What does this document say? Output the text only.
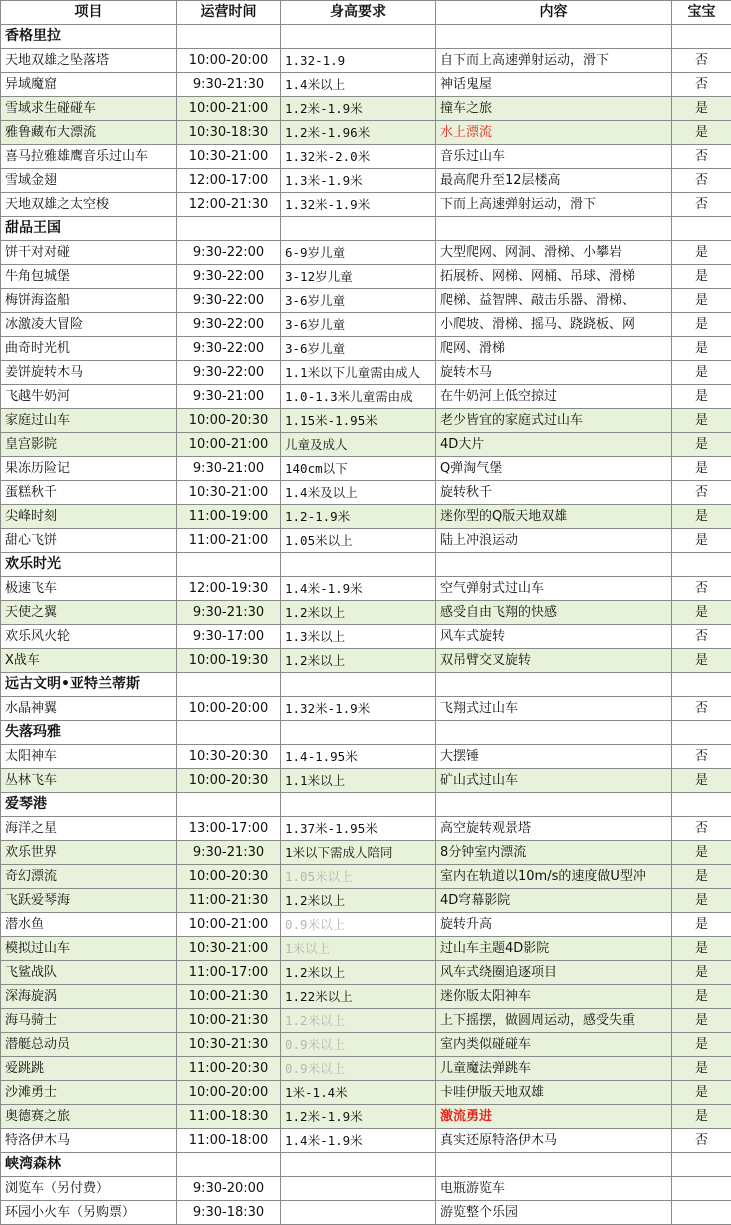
项目	运营时间	身高要求	内容	宝宝
香格里拉				
天地双雄之坠落塔	10:00-20:00	1.32-1.9	自下而上高速弹射运动，滑下	否
异域魔窟	9:30-21:30	1.4米以上	神话鬼屋	否
雪域求生碰碰车	10:00-21:00	1.2米-1.9米	撞车之旅	是
雅鲁藏布大漂流	10:30-18:30	1.2米-1.96米	水上漂流	是
喜马拉雅雄鹰音乐过山车	10:30-21:00	1.32米-2.0米	音乐过山车	否
雪域金翅	12:00-17:00	1.3米-1.9米	最高爬升至12层楼高	否
天地双雄之太空梭	12:00-21:30	1.32米-1.9米	下而上高速弹射运动，滑下	否
甜品王国				
饼干对对碰	9:30-22:00	6-9岁儿童	大型爬网、网洞、滑梯、小攀岩	是
牛角包城堡	9:30-22:00	3-12岁儿童	拓展桥、网梯、网桶、吊球、滑梯	是
梅饼海盗船	9:30-22:00	3-6岁儿童	爬梯、益智牌、敲击乐器、滑梯、	是
冰激凌大冒险	9:30-22:00	3-6岁儿童	小爬坡、滑梯、摇马、跷跷板、网	是
曲奇时光机	9:30-22:00	3-6岁儿童	爬网、滑梯	是
姜饼旋转木马	9:30-22:00	1.1米以下儿童需由成人	旋转木马	是
飞越牛奶河	9:30-21:00	1.0-1.3米儿童需由成	在牛奶河上低空掠过	是
家庭过山车	10:00-20:30	1.15米-1.95米	老少皆宜的家庭式过山车	是
皇宫影院	10:00-21:00	儿童及成人	4D大片	是
果冻历险记	9:30-21:00	140cm以下	Q弹淘气堡	是
蛋糕秋千	10:30-21:00	1.4米及以上	旋转秋千	否
尖峰时刻	11:00-19:00	1.2-1.9米	迷你型的Q版天地双雄	是
甜心飞饼	11:00-21:00	1.05米以上	陆上冲浪运动	是
欢乐时光				
极速飞车	12:00-19:30	1.4米-1.9米	空气弹射式过山车	否
天使之翼	9:30-21:30	1.2米以上	感受自由飞翔的快感	是
欢乐风火轮	9:30-17:00	1.3米以上	风车式旋转	否
X战车	10:00-19:30	1.2米以上	双吊臂交叉旋转	是
远古文明•亚特兰蒂斯				
水晶神翼	10:00-20:00	1.32米-1.9米	飞翔式过山车	否
失落玛雅				
太阳神车	10:30-20:30	1.4-1.95米	大摆锤	否
丛林飞车	10:00-20:30	1.1米以上	矿山式过山车	是
爱琴港				
海洋之星	13:00-17:00	1.37米-1.95米	高空旋转观景塔	否
欢乐世界	9:30-21:30	1米以下需成人陪同	8分钟室内漂流	是
奇幻漂流	10:00-20:30	1.05米以上	室内在轨道以10m/s的速度做U型冲	是
飞跃爱琴海	11:00-21:30	1.2米以上	4D穹幕影院	是
潜水鱼	10:00-21:00	0.9米以上	旋转升高	是
模拟过山车	10:30-21:00	1米以上	过山车主题4D影院	是
飞鲨战队	11:00-17:00	1.2米以上	风车式绕圈追逐项目	是
深海旋涡	10:00-21:30	1.22米以上	迷你版太阳神车	是
海马骑士	10:00-21:30	1.2米以上	上下摇摆，做圆周运动，感受失重	是
潜艇总动员	10:30-21:30	0.9米以上	室内类似碰碰车	是
爱跳跳	11:00-20:30	0.9米以上	儿童魔法弹跳车	是
沙滩勇士	10:00-20:00	1米-1.4米	卡哇伊版天地双雄	是
奥德赛之旅	11:00-18:30	1.2米-1.9米	激流勇进	是
特洛伊木马	11:00-18:00	1.4米-1.9米	真实还原特洛伊木马	否
峡湾森林				
浏览车（另付费）	9:30-20:00		电瓶游览车	
环园小火车（另购票）	9:30-18:30		游览整个乐园	
